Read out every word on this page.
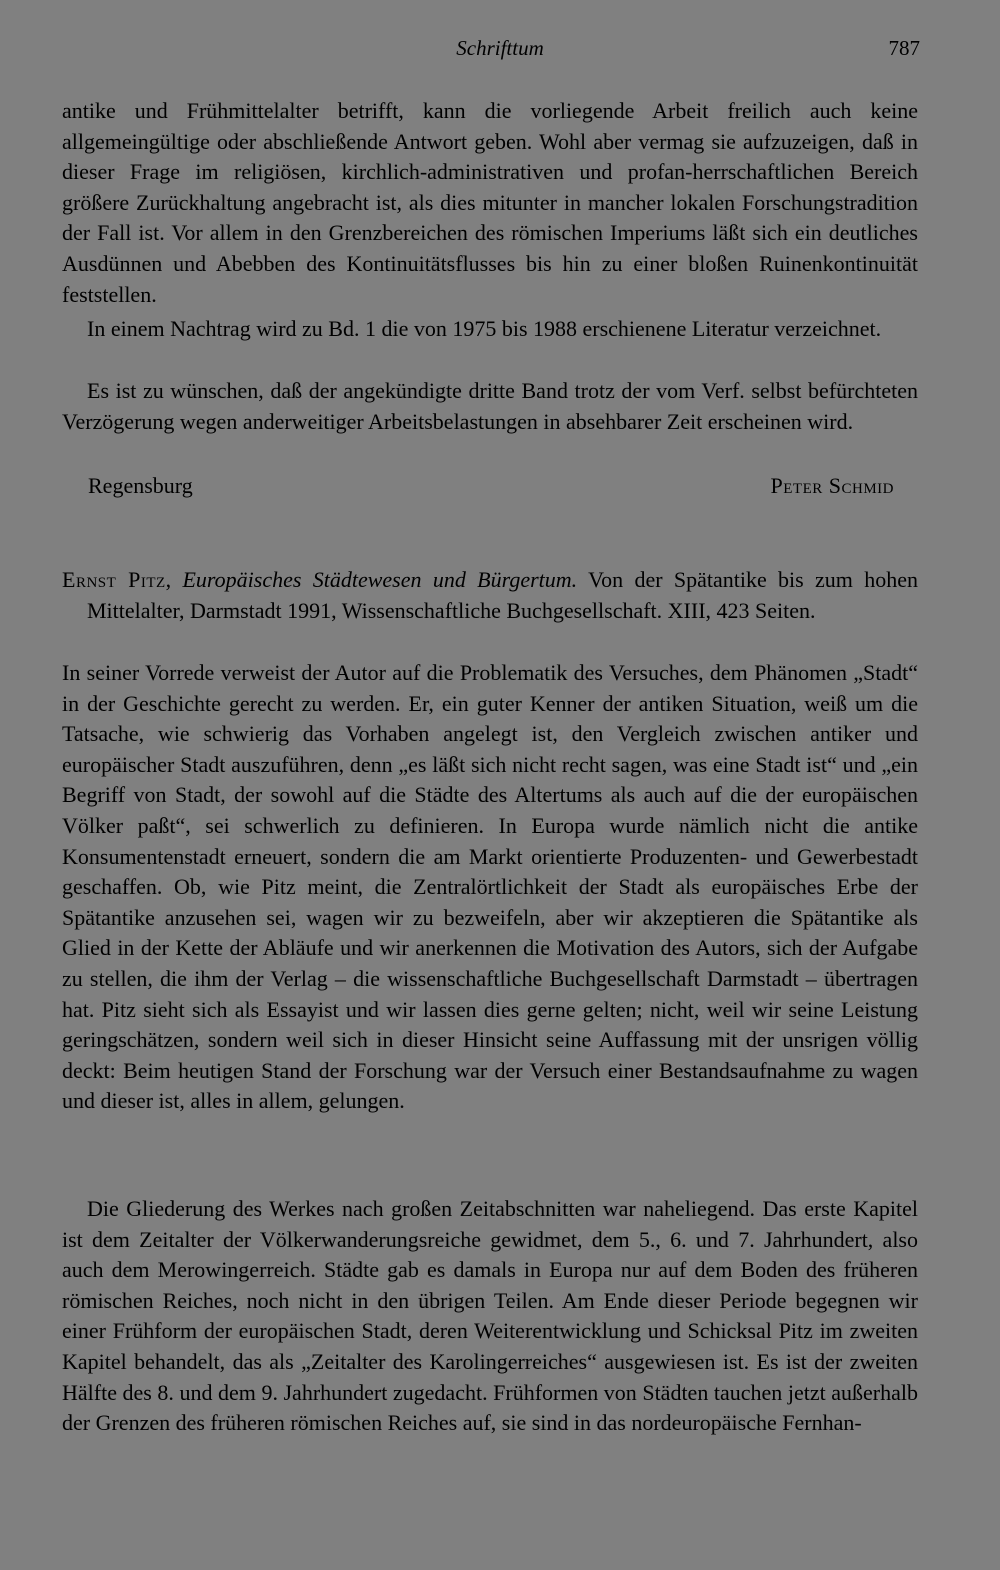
Schrifttum	787

antike und Frühmittelalter betrifft, kann die vorliegende Arbeit freilich auch keine allgemeingültige oder abschließende Antwort geben. Wohl aber vermag sie aufzuzeigen, daß in dieser Frage im religiösen, kirchlich-administrativen und profan-herrschaftlichen Bereich größere Zurückhaltung angebracht ist, als dies mitunter in mancher lokalen Forschungstradition der Fall ist. Vor allem in den Grenzbereichen des römischen Imperiums läßt sich ein deutliches Ausdünnen und Abebben des Kontinuitätsflusses bis hin zu einer bloßen Ruinenkontinuität feststellen.

In einem Nachtrag wird zu Bd. 1 die von 1975 bis 1988 erschienene Literatur verzeichnet.

Es ist zu wünschen, daß der angekündigte dritte Band trotz der vom Verf. selbst befürchteten Verzögerung wegen anderweitiger Arbeitsbelastungen in absehbarer Zeit erscheinen wird.

Regensburg	Peter Schmid

Ernst Pitz, Europäisches Städtewesen und Bürgertum. Von der Spätantike bis zum hohen Mittelalter, Darmstadt 1991, Wissenschaftliche Buchgesellschaft. XIII, 423 Seiten.

In seiner Vorrede verweist der Autor auf die Problematik des Versuches, dem Phänomen „Stadt“ in der Geschichte gerecht zu werden. Er, ein guter Kenner der antiken Situation, weiß um die Tatsache, wie schwierig das Vorhaben angelegt ist, den Vergleich zwischen antiker und europäischer Stadt auszuführen, denn „es läßt sich nicht recht sagen, was eine Stadt ist“ und „ein Begriff von Stadt, der sowohl auf die Städte des Altertums als auch auf die der europäischen Völker paßt“, sei schwerlich zu definieren. In Europa wurde nämlich nicht die antike Konsumentenstadt erneuert, sondern die am Markt orientierte Produzenten- und Gewerbestadt geschaffen. Ob, wie Pitz meint, die Zentralörtlichkeit der Stadt als europäisches Erbe der Spätantike anzusehen sei, wagen wir zu bezweifeln, aber wir akzeptieren die Spätantike als Glied in der Kette der Abläufe und wir anerkennen die Motivation des Autors, sich der Aufgabe zu stellen, die ihm der Verlag – die wissenschaftliche Buchgesellschaft Darmstadt – übertragen hat. Pitz sieht sich als Essayist und wir lassen dies gerne gelten; nicht, weil wir seine Leistung geringschätzen, sondern weil sich in dieser Hinsicht seine Auffassung mit der unsrigen völlig deckt: Beim heutigen Stand der Forschung war der Versuch einer Bestandsaufnahme zu wagen und dieser ist, alles in allem, gelungen.

Die Gliederung des Werkes nach großen Zeitabschnitten war naheliegend. Das erste Kapitel ist dem Zeitalter der Völkerwanderungsreiche gewidmet, dem 5., 6. und 7. Jahrhundert, also auch dem Merowingerreich. Städte gab es damals in Europa nur auf dem Boden des früheren römischen Reiches, noch nicht in den übrigen Teilen. Am Ende dieser Periode begegnen wir einer Frühform der europäischen Stadt, deren Weiterentwicklung und Schicksal Pitz im zweiten Kapitel behandelt, das als „Zeitalter des Karolingerreiches“ ausgewiesen ist. Es ist der zweiten Hälfte des 8. und dem 9. Jahrhundert zugedacht. Frühformen von Städten tauchen jetzt außerhalb der Grenzen des früheren römischen Reiches auf, sie sind in das nordeuropäische Fernhan-
